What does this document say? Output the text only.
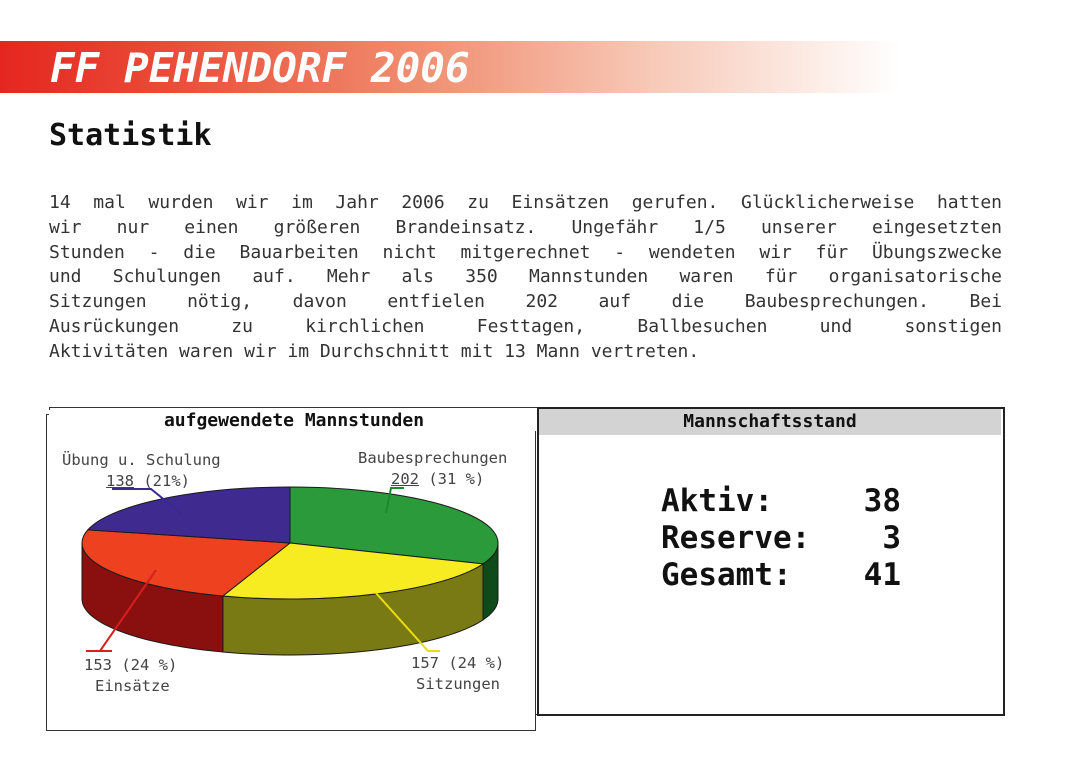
FF PEHENDORF 2006
Statistik
14 mal wurden wir im Jahr 2006 zu Einsätzen gerufen. Glücklicherweise hatten
wir nur einen größeren Brandeinsatz. Ungefähr 1/5 unserer eingesetzten
Stunden - die Bauarbeiten nicht mitgerechnet - wendeten wir für Übungszwecke
und Schulungen auf. Mehr als 350 Mannstunden waren für organisatorische
Sitzungen nötig, davon entfielen 202 auf die Baubesprechungen. Bei
Ausrückungen zu kirchlichen Festtagen, Ballbesuchen und sonstigen
Aktivitäten waren wir im Durchschnitt mit 13 Mann vertreten.
aufgewendete Mannstunden
Übung u. Schulung
138 (21%)
Baubesprechungen
202 (31 %)
153 (24 %)
Einsätze
157 (24 %)
Sitzungen
Mannschaftsstand
Aktiv:	38
Reserve: 3
Gesamt: 41
